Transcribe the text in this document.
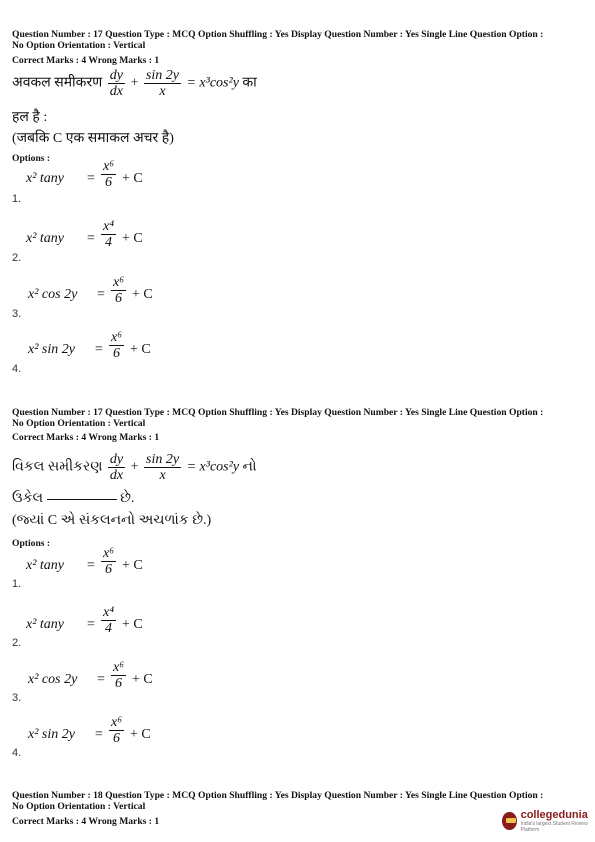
Question Number : 17 Question Type : MCQ Option Shuffling : Yes Display Question Number : Yes Single Line Question Option :
No Option Orientation : Vertical
Correct Marks : 4 Wrong Marks : 1
अवकल समीकरण $\frac{dy}{dx} + \frac{\sin 2y}{x} = x^3\cos^2y$ का
हल है :
(जबकि C एक समाकल अचर है)
Options :
x² $\tan y = \frac{\text{x⁶}}{6} + C$
1.
x² $\tan y = \frac{\text{x⁴}}{4} + C$
2.
x² $\cos 2y = \frac{\text{x⁶}}{6} + C$
3.
x² $\sin 2y = \frac{\text{x⁶}}{6} + C$
4.
Question Number : 17 Question Type : MCQ Option Shuffling : Yes Display Question Number : Yes Single Line Question Option :
No Option Orientation : Vertical
Correct Marks : 4 Wrong Marks : 1
વિકલ સમીકરણ $\frac{dy}{dx} + \frac{\sin 2y}{x} = x^3\cos^2y$ નો
ઉકેલ	છે.
(જ્યાં C એ સંકલનનો અચળાંક છે.)
Options :
x² $\tan y = \frac{\text{x⁶}}{6} + C$
1.
x² $\tan y = \frac{\text{x⁴}}{4} + C$
2.
x² $\cos 2y = \frac{\text{x⁶}}{6} + C$
3.
x² $\sin 2y = \frac{\text{x⁶}}{6} + C$
4.
Question Number : 18 Question Type : MCQ Option Shuffling : Yes Display Question Number : Yes Single Line Question Option :
No Option Orientation : Vertical
Correct Marks : 4 Wrong Marks : 1
collegedunia
India's largest Student Review Platform
